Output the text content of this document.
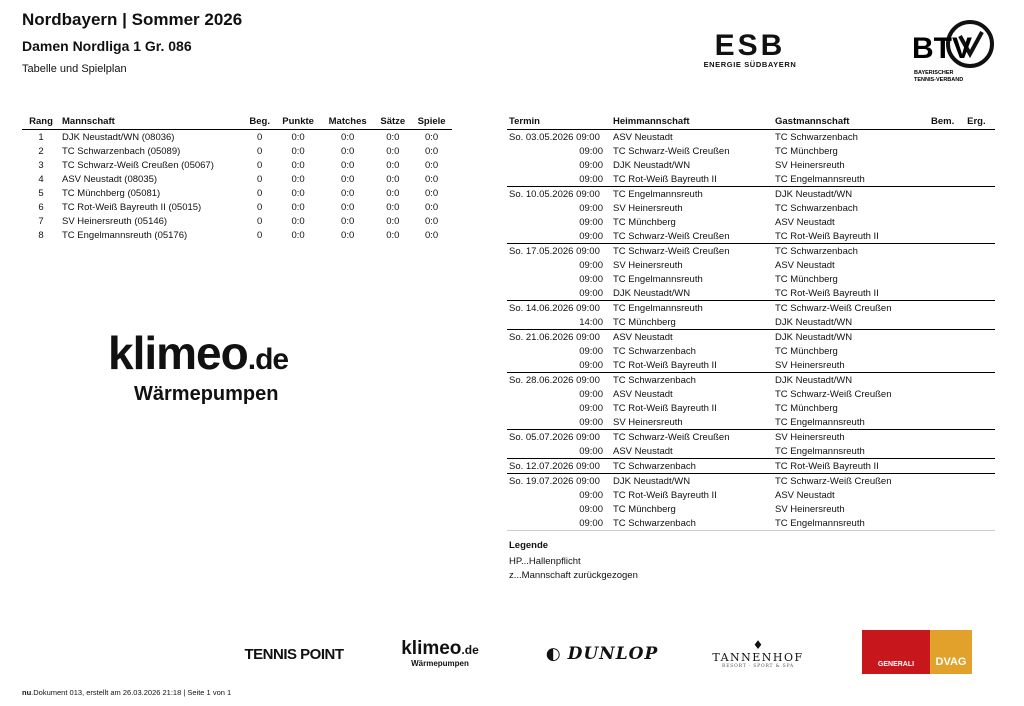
Nordbayern | Sommer 2026
Damen Nordliga 1 Gr. 086
Tabelle und Spielplan
ESB
ENERGIE SÜDBAYERN	BTV
BAYERISCHER
TENNIS-VERBAND
Rang	Mannschaft	Beg.	Punkte	Matches	Sätze	Spiele
1	DJK Neustadt/WN (08036)	0	0:0	0:0	0:0	0:0
2	TC Schwarzenbach (05089)	0	0:0	0:0	0:0	0:0
3	TC Schwarz-Weiß Creußen (05067)	0	0:0	0:0	0:0	0:0
4	ASV Neustadt (08035)	0	0:0	0:0	0:0	0:0
5	TC Münchberg (05081)	0	0:0	0:0	0:0	0:0
6	TC Rot-Weiß Bayreuth II (05015)	0	0:0	0:0	0:0	0:0
7	SV Heinersreuth (05146)	0	0:0	0:0	0:0	0:0
8	TC Engelmannsreuth (05176)	0	0:0	0:0	0:0	0:0
Termin	Heimmannschaft	Gastmannschaft	Bem.	Erg.
So. 03.05.2026 09:00	ASV Neustadt	TC Schwarzenbach		
09:00	TC Schwarz-Weiß Creußen	TC Münchberg		
09:00	DJK Neustadt/WN	SV Heinersreuth		
09:00	TC Rot-Weiß Bayreuth II	TC Engelmannsreuth		
So. 10.05.2026 09:00	TC Engelmannsreuth	DJK Neustadt/WN		
09:00	SV Heinersreuth	TC Schwarzenbach		
09:00	TC Münchberg	ASV Neustadt		
09:00	TC Schwarz-Weiß Creußen	TC Rot-Weiß Bayreuth II		
So. 17.05.2026 09:00	TC Schwarz-Weiß Creußen	TC Schwarzenbach		
09:00	SV Heinersreuth	ASV Neustadt		
09:00	TC Engelmannsreuth	TC Münchberg		
09:00	DJK Neustadt/WN	TC Rot-Weiß Bayreuth II		
So. 14.06.2026 09:00	TC Engelmannsreuth	TC Schwarz-Weiß Creußen		
14:00	TC Münchberg	DJK Neustadt/WN		
So. 21.06.2026 09:00	ASV Neustadt	DJK Neustadt/WN		
09:00	TC Schwarzenbach	TC Münchberg		
09:00	TC Rot-Weiß Bayreuth II	SV Heinersreuth		
So. 28.06.2026 09:00	TC Schwarzenbach	DJK Neustadt/WN		
09:00	ASV Neustadt	TC Schwarz-Weiß Creußen		
09:00	TC Rot-Weiß Bayreuth II	TC Münchberg		
09:00	SV Heinersreuth	TC Engelmannsreuth		
So. 05.07.2026 09:00	TC Schwarz-Weiß Creußen	SV Heinersreuth		
09:00	ASV Neustadt	TC Engelmannsreuth		
So. 12.07.2026 09:00	TC Schwarzenbach	TC Rot-Weiß Bayreuth II		
So. 19.07.2026 09:00	DJK Neustadt/WN	TC Schwarz-Weiß Creußen		
09:00	TC Rot-Weiß Bayreuth II	ASV Neustadt		
09:00	TC Münchberg	SV Heinersreuth		
09:00	TC Schwarzenbach	TC Engelmannsreuth		
Legende
HP...Hallenpflicht
z...Mannschaft zurückgezogen
klimeo.de
Wärmepumpen
TENNIS POINT	klimeo.de
Wärmepumpen	◐ DUNLOP	♦
TANNENHOF
RESORT · SPORT & SPA	GENERALI	DVAG
nu.Dokument 013, erstellt am 26.03.2026 21:18 | Seite 1 von 1
